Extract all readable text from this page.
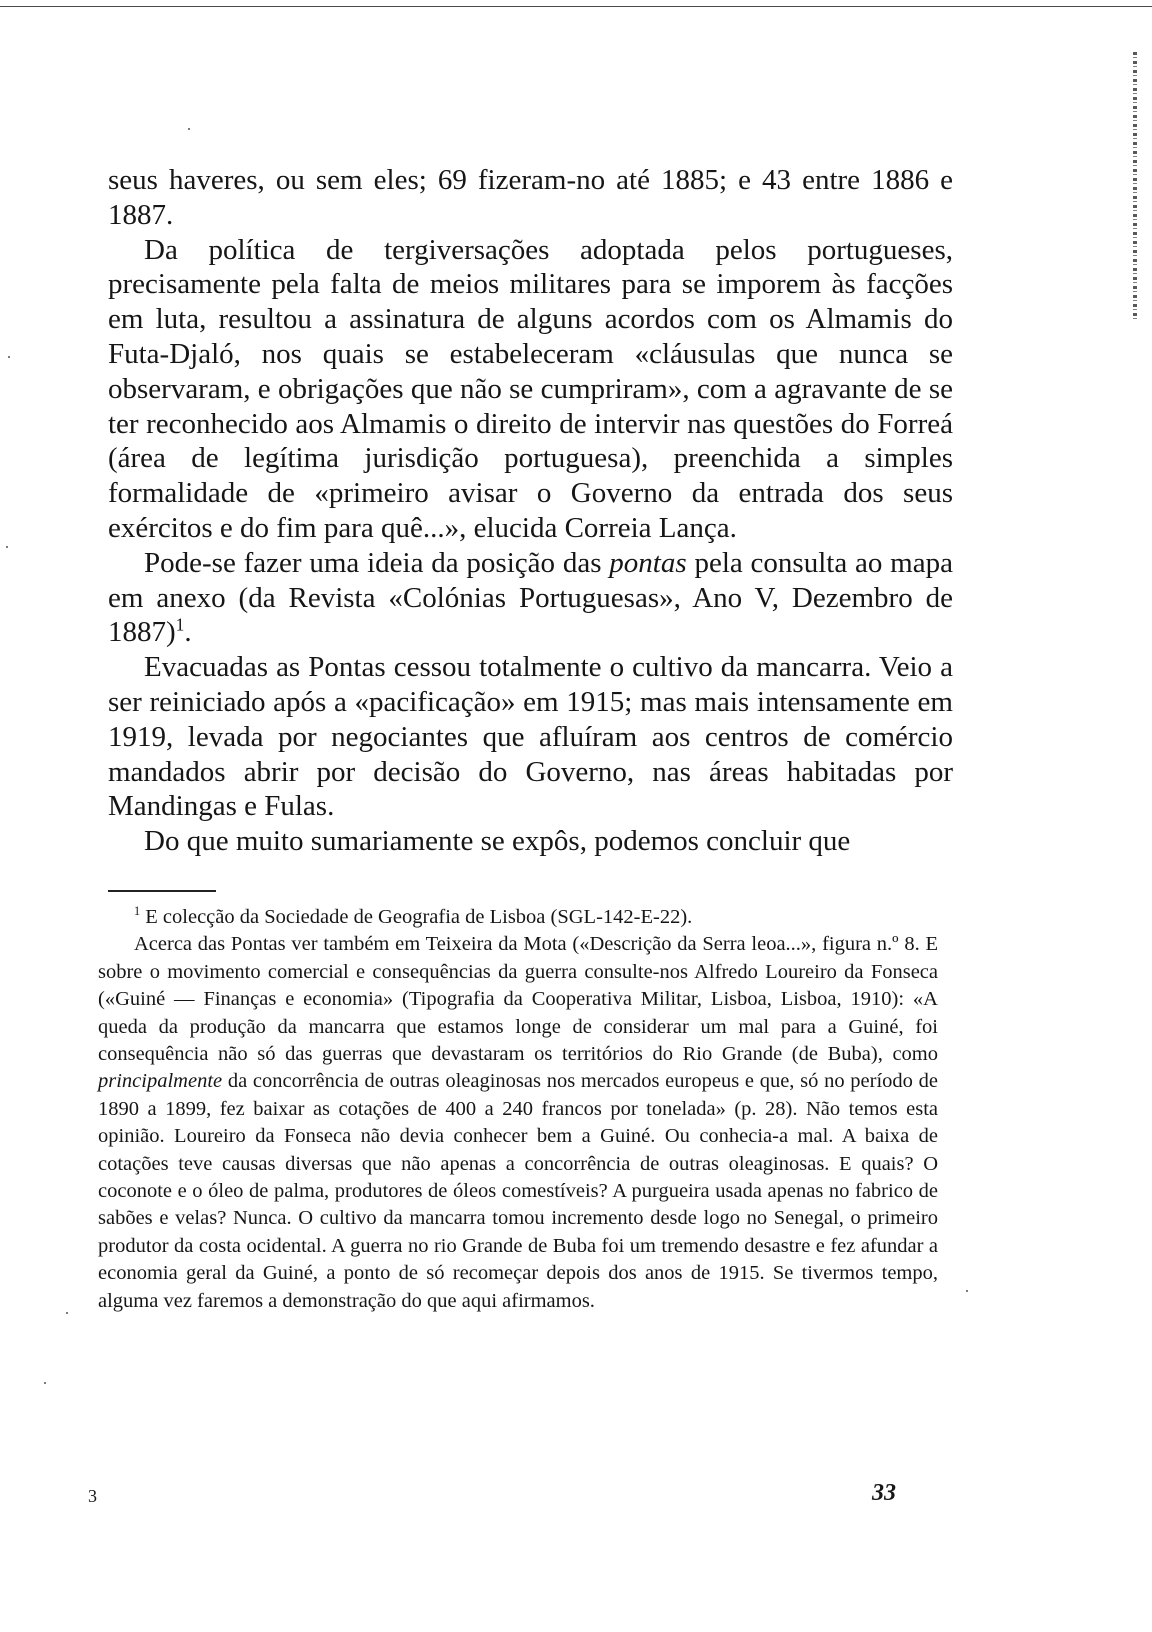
seus haveres, ou sem eles; 69 fizeram-no até 1885; e 43 entre 1886 e 1887.

Da política de tergiversações adoptada pelos portugueses, precisamente pela falta de meios militares para se imporem às facções em luta, resultou a assinatura de alguns acordos com os Almamis do Futa-Djaló, nos quais se estabeleceram «cláusulas que nunca se observaram, e obrigações que não se cumpriram», com a agravante de se ter reconhecido aos Almamis o direito de intervir nas questões do Forreá (área de legítima jurisdição portuguesa), preenchida a simples formalidade de «primeiro avisar o Governo da entrada dos seus exércitos e do fim para quê...», elucida Correia Lança.

Pode-se fazer uma ideia da posição das pontas pela consulta ao mapa em anexo (da Revista «Colónias Portuguesas», Ano V, Dezembro de 1887)$^1$.

Evacuadas as Pontas cessou totalmente o cultivo da mancarra. Veio a ser reiniciado após a «pacificação» em 1915; mas mais intensamente em 1919, levada por negociantes que afluíram aos centros de comércio mandados abrir por decisão do Governo, nas áreas habitadas por Mandingas e Fulas.

Do que muito sumariamente se expôs, podemos concluir que

$^1$ E colecção da Sociedade de Geografia de Lisboa (SGL-142-E-22).

Acerca das Pontas ver também em Teixeira da Mota («Descrição da Serra leoa...», figura n.º 8. E sobre o movimento comercial e consequências da guerra consulte-nos Alfredo Loureiro da Fonseca («Guiné — Finanças e economia» (Tipografia da Cooperativa Militar, Lisboa, Lisboa, 1910): «A queda da produção da mancarra que estamos longe de considerar um mal para a Guiné, foi consequência não só das guerras que devastaram os territórios do Rio Grande (de Buba), como principalmente da concorrência de outras oleaginosas nos mercados europeus e que, só no período de 1890 a 1899, fez baixar as cotações de 400 a 240 francos por tonelada» (p. 28). Não temos esta opinião. Loureiro da Fonseca não devia conhecer bem a Guiné. Ou conhecia-a mal. A baixa de cotações teve causas diversas que não apenas a concorrência de outras oleaginosas. E quais? O coconote e o óleo de palma, produtores de óleos comestíveis? A purgueira usada apenas no fabrico de sabões e velas? Nunca. O cultivo da mancarra tomou incremento desde logo no Senegal, o primeiro produtor da costa ocidental. A guerra no rio Grande de Buba foi um tremendo desastre e fez afundar a economia geral da Guiné, a ponto de só recomeçar depois dos anos de 1915. Se tivermos tempo, alguma vez faremos a demonstração do que aqui afirmamos.

3	33
